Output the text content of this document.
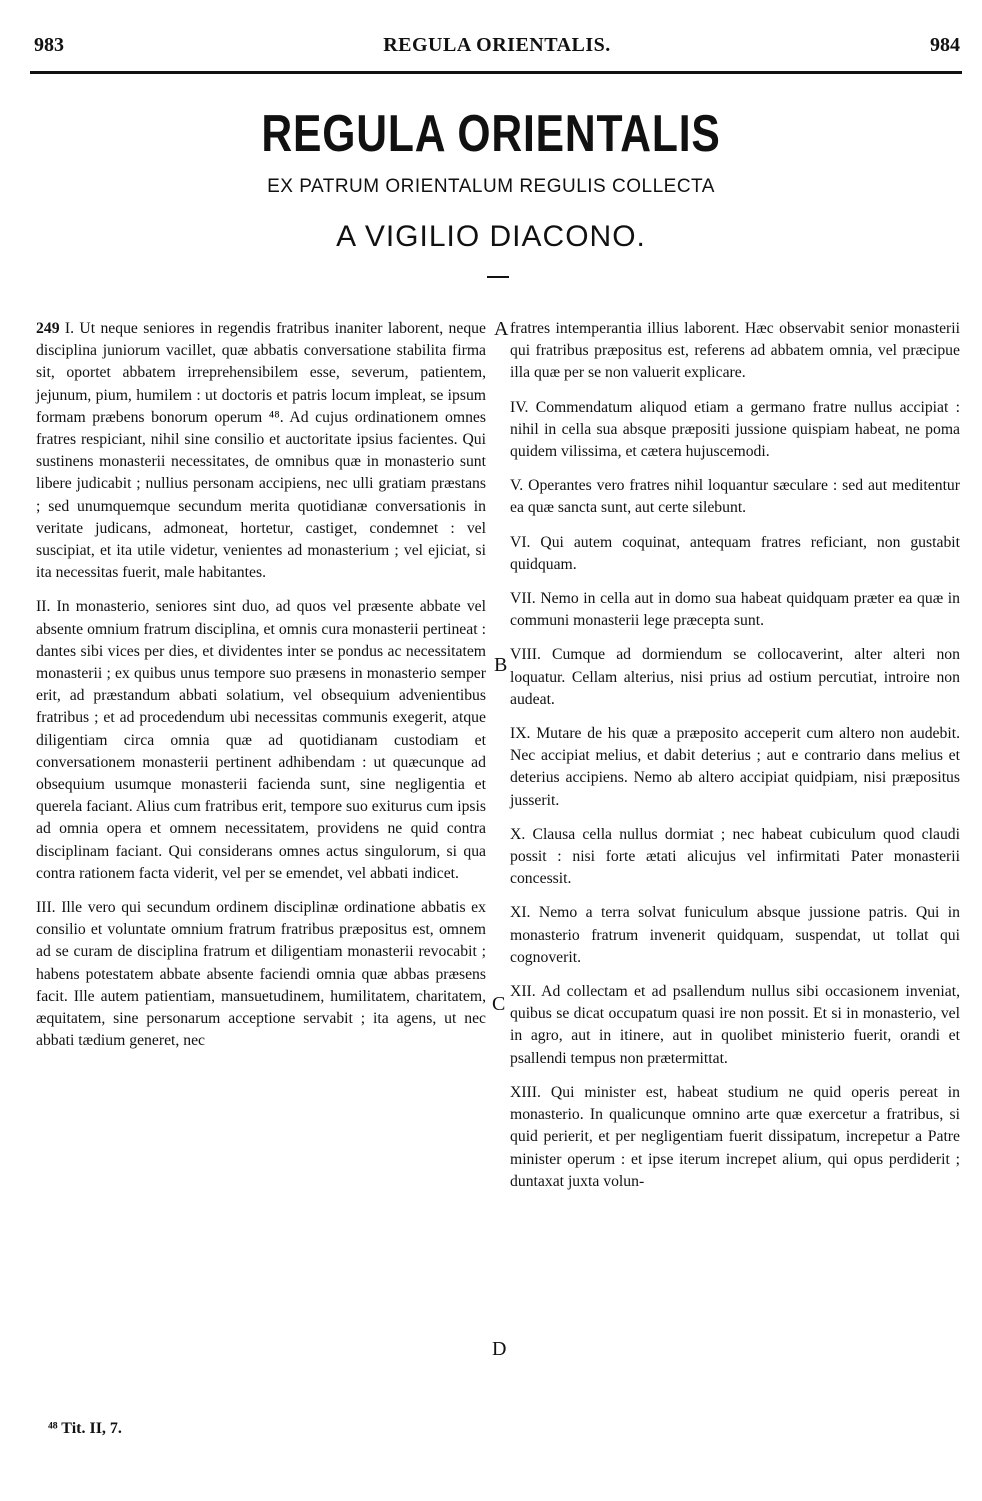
983	REGULA ORIENTALIS.	984
REGULA ORIENTALIS
EX PATRUM ORIENTALUM REGULIS COLLECTA
A VIGILIO DIACONO.

249 I. Ut neque seniores in regendis fratribus inaniter laborent, neque disciplina juniorum vacillet, quæ abbatis conversatione stabilita firma sit, oportet abbatem irreprehensibilem esse, severum, patientem, jejunum, pium, humilem : ut doctoris et patris locum impleat, se ipsum formam præbens bonorum operum ⁴⁸. Ad cujus ordinationem omnes fratres respiciant, nihil sine consilio et auctoritate ipsius facientes. Qui sustinens monasterii necessitates, de omnibus quæ in monasterio sunt libere judicabit ; nullius personam accipiens, nec ulli gratiam præstans ; sed unumquemque secundum merita quotidianæ conversationis in veritate judicans, admoneat, hortetur, castiget, condemnet : vel suscipiat, et ita utile videtur, venientes ad monasterium ; vel ejiciat, si ita necessitas fuerit, male habitantes.

II. In monasterio, seniores sint duo, ad quos vel præsente abbate vel absente omnium fratrum disciplina, et omnis cura monasterii pertineat : dantes sibi vices per dies, et dividentes inter se pondus ac necessitatem monasterii ; ex quibus unus tempore suo præsens in monasterio semper erit, ad præstandum abbati solatium, vel obsequium advenientibus fratribus ; et ad procedendum ubi necessitas communis exegerit, atque diligentiam circa omnia quæ ad quotidianam custodiam et conversationem monasterii pertinent adhibendam : ut quæcunque ad obsequium usumque monasterii facienda sunt, sine negligentia et querela faciant. Alius cum fratribus erit, tempore suo exiturus cum ipsis ad omnia opera et omnem necessitatem, providens ne quid contra disciplinam faciant. Qui considerans omnes actus singulorum, si qua contra rationem facta viderit, vel per se emendet, vel abbati indicet.

III. Ille vero qui secundum ordinem disciplinæ ordinatione abbatis ex consilio et voluntate omnium fratrum fratribus præpositus est, omnem ad se curam de disciplina fratrum et diligentiam monasterii revocabit ; habens potestatem abbate absente faciendi omnia quæ abbas præsens facit. Ille autem patientiam, mansuetudinem, humilitatem, charitatem, æquitatem, sine personarum acceptione servabit ; ita agens, ut nec abbati tædium generet, nec

fratres intemperantia illius laborent. Hæc observabit senior monasterii qui fratribus præpositus est, referens ad abbatem omnia, vel præcipue illa quæ per se non valuerit explicare.

IV. Commendatum aliquod etiam a germano fratre nullus accipiat : nihil in cella sua absque præpositi jussione quispiam habeat, ne poma quidem vilissima, et cætera hujuscemodi.

V. Operantes vero fratres nihil loquantur sæculare : sed aut meditentur ea quæ sancta sunt, aut certe silebunt.

VI. Qui autem coquinat, antequam fratres reficiant, non gustabit quidquam.

VII. Nemo in cella aut in domo sua habeat quidquam præter ea quæ in communi monasterii lege præcepta sunt.

VIII. Cumque ad dormiendum se collocaverint, alter alteri non loquatur. Cellam alterius, nisi prius ad ostium percutiat, introire non audeat.

IX. Mutare de his quæ a præposito acceperit cum altero non audebit. Nec accipiat melius, et dabit deterius ; aut e contrario dans melius et deterius accipiens. Nemo ab altero accipiat quidpiam, nisi præpositus jusserit.

X. Clausa cella nullus dormiat ; nec habeat cubiculum quod claudi possit : nisi forte ætati alicujus vel infirmitati Pater monasterii concessit.

XI. Nemo a terra solvat funiculum absque jussione patris. Qui in monasterio fratrum invenerit quidquam, suspendat, ut tollat qui cognoverit.

XII. Ad collectam et ad psallendum nullus sibi occasionem inveniat, quibus se dicat occupatum quasi ire non possit. Et si in monasterio, vel in agro, aut in itinere, aut in quolibet ministerio fuerit, orandi et psallendi tempus non prætermittat.

XIII. Qui minister est, habeat studium ne quid operis pereat in monasterio. In qualicunque omnino arte quæ exercetur a fratribus, si quid perierit, et per negligentiam fuerit dissipatum, increpetur a Patre minister operum : et ipse iterum increpet alium, qui opus perdiderit ; duntaxat juxta volun-

A
B
C
D
⁴⁸ Tit. II, 7.
